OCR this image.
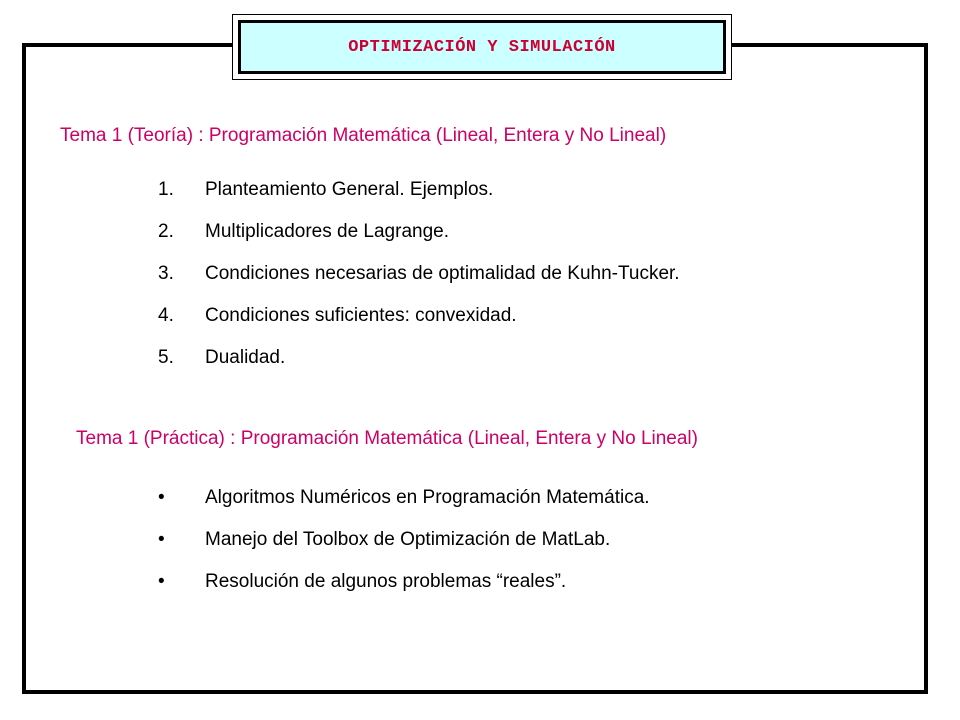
OPTIMIZACIÓN Y SIMULACIÓN
Tema 1 (Teoría) : Programación Matemática (Lineal, Entera y No Lineal)
1.	Planteamiento General. Ejemplos.
2.	Multiplicadores de Lagrange.
3.	Condiciones necesarias de optimalidad de Kuhn-Tucker.
4.	Condiciones suficientes: convexidad.
5.	Dualidad.
Tema 1 (Práctica) : Programación Matemática (Lineal, Entera y No Lineal)
•	Algoritmos Numéricos en Programación Matemática.
•	Manejo del Toolbox de Optimización de MatLab.
•	Resolución de algunos problemas “reales”.
